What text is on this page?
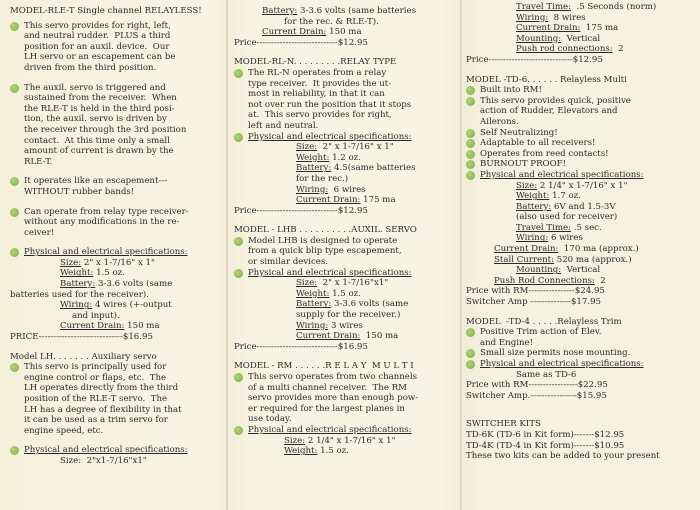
MODEL-RLE-T Single channel RELAYLESS!
This servo provides for right, left,
and neutral rudder.  PLUS a third
position for an auxil. device.  Our
LH servo or an escapement can be
driven from the third position.
The auxil. servo is triggered and
sustained from the receiver.  When
the RLE-T is held in the third posi-
tion, the auxil. servo is driven by
the receiver through the 3rd position
contact.  At this time only a small
amount of current is drawn by the
RLE-T.
It operates like an escapement---
WITHOUT rubber bands!
Can operate from relay type receiver-
without any modifications in the re-
ceiver!
Physical and electrical specifications:
Size: 2" x 1-7/16" x 1"
Weight: 1.5 oz.
Battery: 3-3.6 volts (same
batteries used for the receiver).
Wiring: 4 wires (+-output
and input).
Current Drain: 150 ma
PRICE-----------------------------$16.95
Model LH. . . . . . . Auxiliary servo
This servo is principally used for
engine control or flaps, etc.  The
LH operates directly from the third
position of the RLE-T servo.  The
LH has a degree of flexibility in that
it can be used as a trim servo for
engine speed, etc.
Physical and electrical specifications:
Size:  2"x1-7/16"x1"
Battery: 3-3.6 volts (same batteries
for the rec. & RLE-T).
Current Drain: 150 ma
Price----------------------------$12.95
MODEL-RL-N. . . . . . . . .RELAY TYPE
The RL-N operates from a relay
type receiver.  It provides the ut-
most in reliability, in that it can
not over run the position that it stops
at.  This servo provides for right,
left and neutral.
Physical and electrical specifications:
Size:  2" x 1-7/16" x 1"
Weight: 1.2 oz.
Battery: 4.5(same batteries
for the rec.)
Wiring:  6 wires
Current Drain: 175 ma
Price----------------------------$12.95
MODEL - LHB . . . . . . . . . .AUXIL. SERVO
Model LHB is designed to operate
from a quick blip type escapement,
or similar devices.
Physical and electrical specifications:
Size:  2" x 1-7/16"x1"
Weight: 1.5 oz.
Battery: 3-3.6 volts (same
supply for the receiver.)
Wiring: 3 wires
Current Drain:  150 ma
Price----------------------------$16.95
MODEL - RM . . . . . .R E L A Y  M U L T I
This servo operates from two channels
of a multi channel receiver.  The RM
servo provides more than enough pow-
er required for the largest planes in
use today.
Physical and electrical specifications:
Size: 2 1/4" x 1-7/16" x 1"
Weight: 1.5 oz.
Travel Time:  .5 Seconds (norm)
Wiring:  8 wires
Current Drain:  175 ma
Mounting:  Vertical
Push rod connections:  2
Price-----------------------------$12.95
MODEL -TD-6. . . . . . Relayless Multi
Built into RM!
This servo provides quick, positive
action of Rudder, Elevators and
Ailerons.
Self Neutralizing!
Adaptable to all receivers!
Operates from reed contacts!
BURNOUT PROOF!
Physical and electrical specifications:
Size: 2 1/4" x 1-7/16" x 1"
Weight: 1.7 oz.
Battery: 6V and 1.5-3V
(also used for receiver)
Travel Time: .5 sec.
Wiring: 6 wires
Current Drain:  170 ma (approx.)
Stall Current: 520 ma (approx.)
Mounting:  Vertical
Push Rod Connections:  2
Price with RM----------------$24.95
Switcher Amp --------------$17.95
MODEL  -TD-4 . . . . .Relayless Trim
Positive Trim action of Elev.
and Engine!
Small size permits nose mounting.
Physical and electrical specifications:
Same as TD-6
Price with RM-----------------$22.95
Switcher Amp.----------------$15.95
SWITCHER KITS
TD-6K (TD-6 in Kit form)-------$12.95
TD-4K (TD-4 in Kit form)-------$10.95
These two kits can be added to your present
